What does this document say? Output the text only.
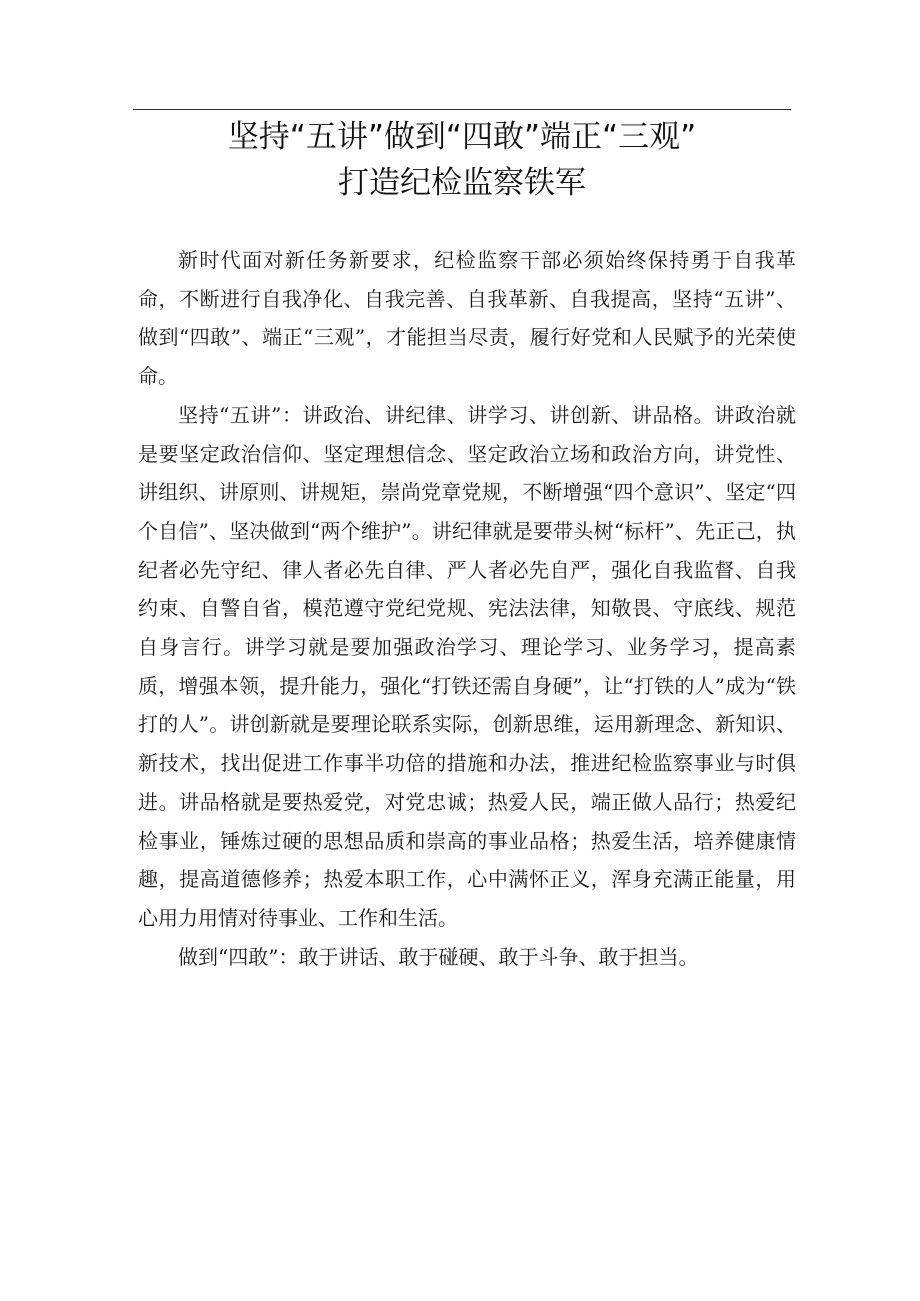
坚持“五讲”做到“四敢”端正“三观”
打造纪检监察铁军

新时代面对新任务新要求，纪检监察干部必须始终保持勇于自我革命，不断进行自我净化、自我完善、自我革新、自我提高，坚持“五讲”、做到“四敢”、端正“三观”，才能担当尽责，履行好党和人民赋予的光荣使命。

坚持“五讲”：讲政治、讲纪律、讲学习、讲创新、讲品格。讲政治就是要坚定政治信仰、坚定理想信念、坚定政治立场和政治方向，讲党性、讲组织、讲原则、讲规矩，崇尚党章党规，不断增强“四个意识”、坚定“四个自信”、坚决做到“两个维护”。讲纪律就是要带头树“标杆”、先正己，执纪者必先守纪、律人者必先自律、严人者必先自严，强化自我监督、自我约束、自警自省，模范遵守党纪党规、宪法法律，知敬畏、守底线、规范自身言行。讲学习就是要加强政治学习、理论学习、业务学习，提高素质，增强本领，提升能力，强化“打铁还需自身硬”，让“打铁的人”成为“铁打的人”。讲创新就是要理论联系实际，创新思维，运用新理念、新知识、新技术，找出促进工作事半功倍的措施和办法，推进纪检监察事业与时俱进。讲品格就是要热爱党，对党忠诚；热爱人民，端正做人品行；热爱纪检事业，锤炼过硬的思想品质和崇高的事业品格；热爱生活，培养健康情趣，提高道德修养；热爱本职工作，心中满怀正义，浑身充满正能量，用心用力用情对待事业、工作和生活。

做到“四敢”：敢于讲话、敢于碰硬、敢于斗争、敢于担当。
